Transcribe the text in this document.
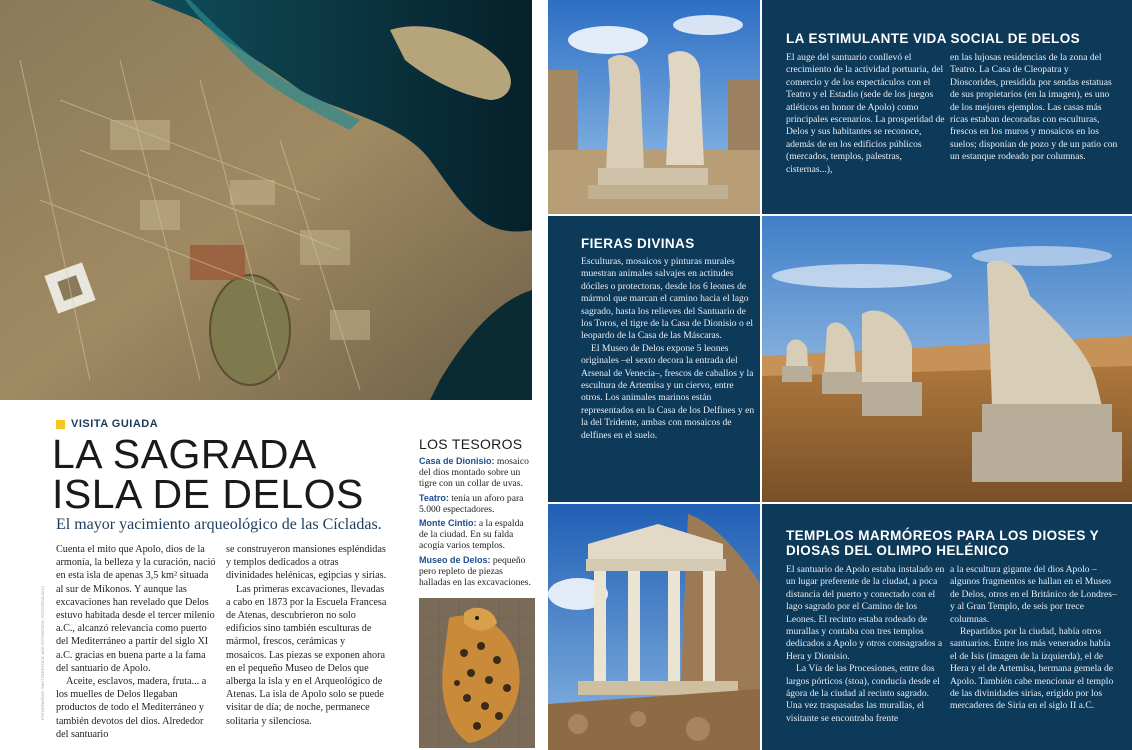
FOTOGRAFÍAS: SHUTTERSTOCK; AGE FOTOSTOCK; FOTOTECA 9X12
VISITA GUIADA
LA SAGRADA
ISLA DE DELOS
El mayor yacimiento arqueológico de las Cícladas.

Cuenta el mito que Apolo, dios de la armonía, la belleza y la curación, nació en esta isla de apenas 3,5 km² situada al sur de Míkonos. Y aunque las excavaciones han revelado que Delos estuvo habitada desde el tercer milenio a.C., alcanzó relevancia como puerto del Mediterráneo a partir del siglo XI a.C. gracias en buena parte a la fama del santuario de Apolo.

Aceite, esclavos, madera, fruta... a los muelles de Delos llegaban productos de todo el Mediterráneo y también devotos del dios. Alrededor del santuario

se construyeron mansiones espléndidas y templos dedicados a otras divinidades helénicas, egipcias y sirias.

Las primeras excavaciones, llevadas a cabo en 1873 por la Escuela Francesa de Atenas, descubrieron no solo edificios sino también esculturas de mármol, frescos, cerámicas y mosaicos. Las piezas se exponen ahora en el pequeño Museo de Delos que alberga la isla y en el Arqueológico de Atenas. La isla de Apolo solo se puede visitar de día; de noche, permanece solitaria y silenciosa.

LOS TESOROS
Casa de Dionisio: mosaico del dios montado sobre un tigre con un collar de uvas.
Teatro: tenía un aforo para 5.000 espectadores.
Monte Cintio: a la espalda de la ciudad. En su falda acogía varios templos.
Museo de Delos: pequeño pero repleto de piezas halladas en las excavaciones.
LA ESTIMULANTE VIDA SOCIAL DE DELOS

El auge del santuario conllevó el crecimiento de la actividad portuaria, del comercio y de los espectáculos con el Teatro y el Estadio (sede de los juegos atléticos en honor de Apolo) como principales escenarios. La prosperidad de Delos y sus habitantes se reconoce, además de en los edificios públicos (mercados, templos, palestras, cisternas...),

en las lujosas residencias de la zona del Teatro. La Casa de Cleopatra y Dioscorides, presidida por sendas estatuas de sus propietarios (en la imagen), es uno de los mejores ejemplos. Las casas más ricas estaban decoradas con esculturas, frescos en los muros y mosaicos en los suelos; disponían de pozo y de un patio con un estanque rodeado por columnas.

FIERAS DIVINAS

Esculturas, mosaicos y pinturas murales muestran animales salvajes en actitudes dóciles o protectoras, desde los 6 leones de mármol que marcan el camino hacia el lago sagrado, hasta los relieves del Santuario de los Toros, el tigre de la Casa de Dionisio o el leopardo de la Casa de las Máscaras.

El Museo de Delos expone 5 leones originales –el sexto decora la entrada del Arsenal de Venecia–, frescos de caballos y la escultura de Artemisa y un ciervo, entre otros. Los animales marinos están representados en la Casa de los Delfines y en la del Tridente, ambas con mosaicos de delfines en el suelo.

TEMPLOS MARMÓREOS PARA LOS DIOSES Y DIOSAS DEL OLIMPO HELÉNICO

El santuario de Apolo estaba instalado en un lugar preferente de la ciudad, a poca distancia del puerto y conectado con el lago sagrado por el Camino de los Leones. El recinto estaba rodeado de murallas y contaba con tres templos dedicados a Apolo y otros consagrados a Hera y Dionisio.

La Vía de las Procesiones, entre dos largos pórticos (stoa), conducía desde el ágora de la ciudad al recinto sagrado. Una vez traspasadas las murallas, el visitante se encontraba frente

a la escultura gigante del dios Apolo –algunos fragmentos se hallan en el Museo de Delos, otros en el Británico de Londres– y al Gran Templo, de seis por trece columnas.

Repartidos por la ciudad, había otros santuarios. Entre los más venerados había el de Isis (imagen de la izquierda), el de Hera y el de Artemisa, hermana gemela de Apolo. También cabe mencionar el templo de las divinidades sirias, erigido por los mercaderes de Siria en el siglo II a.C.
